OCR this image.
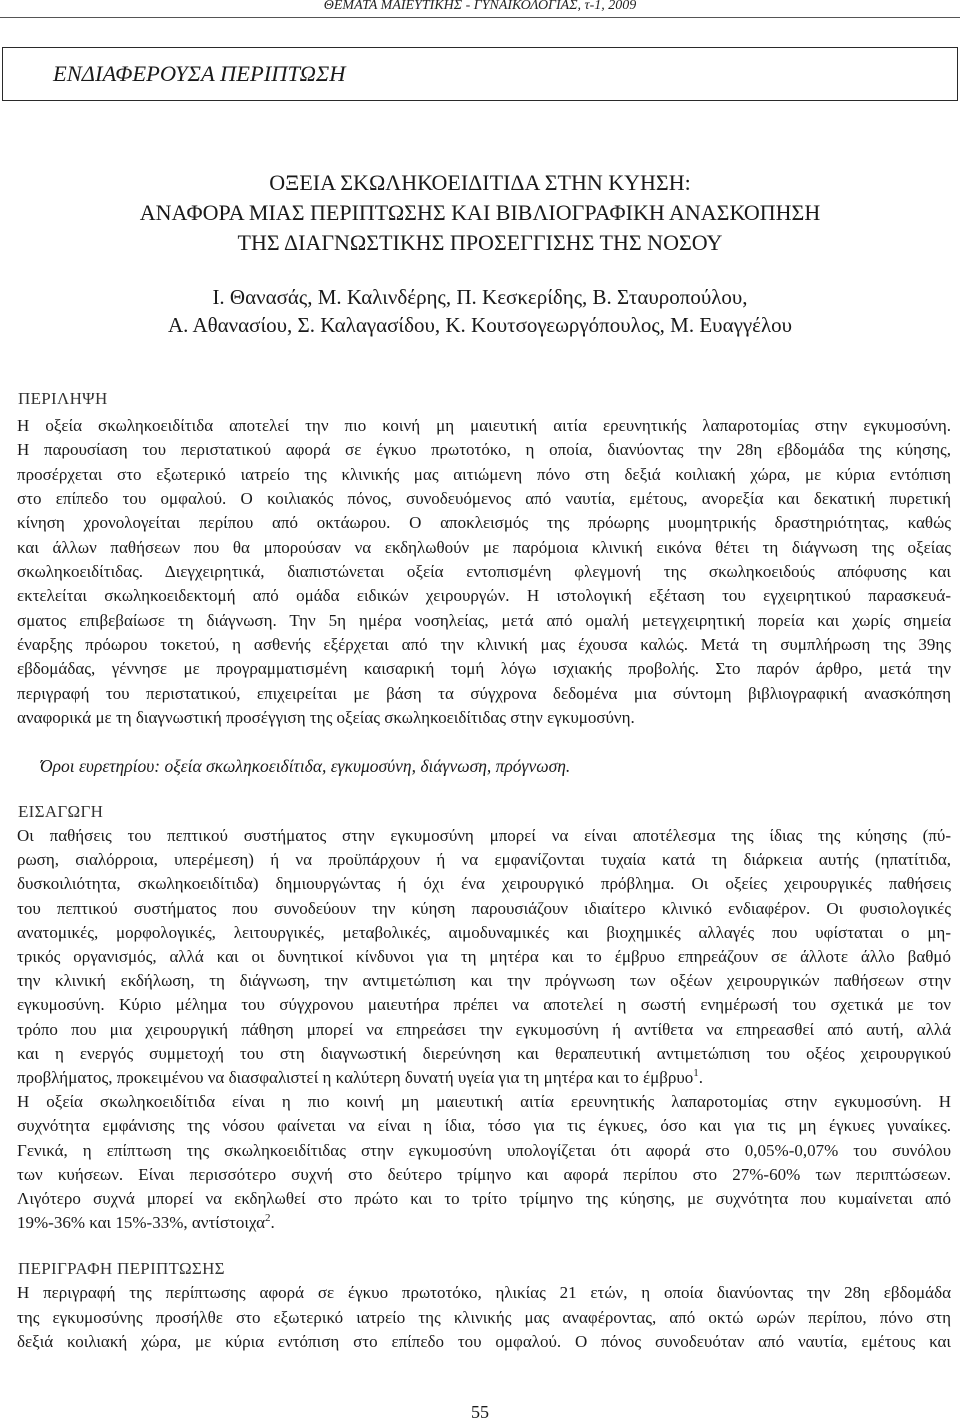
ΘΕΜΑΤΑ ΜΑΙΕΥΤΙΚΗΣ - ΓΥΝΑΙΚΟΛΟΓΙΑΣ, τ-1, 2009
ΕΝΔΙΑΦΕΡΟΥΣΑ ΠΕΡΙΠΤΩΣΗ
ΟΞΕΙΑ ΣΚΩΛΗΚΟΕΙΔΙΤΙΔΑ ΣΤΗΝ ΚΥΗΣΗ:
ΑΝΑΦΟΡΑ ΜΙΑΣ ΠΕΡΙΠΤΩΣΗΣ ΚΑΙ ΒΙΒΛΙΟΓΡΑΦΙΚΗ ΑΝΑΣΚΟΠΗΣΗ
ΤΗΣ ΔΙΑΓΝΩΣΤΙΚΗΣ ΠΡΟΣΕΓΓΙΣΗΣ ΤΗΣ ΝΟΣΟΥ
Ι. Θανασάς, Μ. Καλινδέρης, Π. Κεσκερίδης, Β. Σταυροπούλου,
Α. Αθανασίου, Σ. Καλαγασίδου, Κ. Κουτσογεωργόπουλος, Μ. Ευαγγέλου
ΠΕΡΙΛΗΨΗ
Η οξεία σκωληκοειδίτιδα αποτελεί την πιο κοινή μη μαιευτική αιτία ερευνητικής λαπαροτομίας στην εγκυμοσύνη.
Η παρουσίαση του περιστατικού αφορά σε έγκυο πρωτοτόκο, η οποία, διανύοντας την 28η εβδομάδα της κύησης,
προσέρχεται στο εξωτερικό ιατρείο της κλινικής μας αιτιώμενη πόνο στη δεξιά κοιλιακή χώρα, με κύρια εντόπιση
στο επίπεδο του ομφαλού. Ο κοιλιακός πόνος, συνοδευόμενος από ναυτία, εμέτους, ανορεξία και δεκατική πυρετική
κίνηση χρονολογείται περίπου από οκτάωρου. Ο αποκλεισμός της πρόωρης μυομητρικής δραστηριότητας, καθώς
και άλλων παθήσεων που θα μπορούσαν να εκδηλωθούν με παρόμοια κλινική εικόνα θέτει τη διάγνωση της οξείας
σκωληκοειδίτιδας. Διεγχειρητικά, διαπιστώνεται οξεία εντοπισμένη φλεγμονή της σκωληκοειδούς απόφυσης και
εκτελείται σκωληκοειδεκτομή από ομάδα ειδικών χειρουργών. Η ιστολογική εξέταση του εγχειρητικού παρασκευά-
σματος επιβεβαίωσε τη διάγνωση. Την 5η ημέρα νοσηλείας, μετά από ομαλή μετεγχειρητική πορεία και χωρίς σημεία
έναρξης πρόωρου τοκετού, η ασθενής εξέρχεται από την κλινική μας έχουσα καλώς. Μετά τη συμπλήρωση της 39ης
εβδομάδας, γέννησε με προγραμματισμένη καισαρική τομή λόγω ισχιακής προβολής. Στο παρόν άρθρο, μετά την
περιγραφή του περιστατικού, επιχειρείται με βάση τα σύγχρονα δεδομένα μια σύντομη βιβλιογραφική ανασκόπηση
αναφορικά με τη διαγνωστική προσέγγιση της οξείας σκωληκοειδίτιδας στην εγκυμοσύνη.
Όροι ευρετηρίου: οξεία σκωληκοειδίτιδα, εγκυμοσύνη, διάγνωση, πρόγνωση.
ΕΙΣΑΓΩΓΗ
Οι παθήσεις του πεπτικού συστήματος στην εγκυμοσύνη μπορεί να είναι αποτέλεσμα της ίδιας της κύησης (πύ-
ρωση, σιαλόρροια, υπερέμεση) ή να προϋπάρχουν ή να εμφανίζονται τυχαία κατά τη διάρκεια αυτής (ηπατίτιδα,
δυσκοιλιότητα, σκωληκοειδίτιδα) δημιουργώντας ή όχι ένα χειρουργικό πρόβλημα. Οι οξείες χειρουργικές παθήσεις
του πεπτικού συστήματος που συνοδεύουν την κύηση παρουσιάζουν ιδιαίτερο κλινικό ενδιαφέρον. Οι φυσιολογικές
ανατομικές, μορφολογικές, λειτουργικές, μεταβολικές, αιμοδυναμικές και βιοχημικές αλλαγές που υφίσταται ο μη-
τρικός οργανισμός, αλλά και οι δυνητικοί κίνδυνοι για τη μητέρα και το έμβρυο επηρεάζουν σε άλλοτε άλλο βαθμό
την κλινική εκδήλωση, τη διάγνωση, την αντιμετώπιση και την πρόγνωση των οξέων χειρουργικών παθήσεων στην
εγκυμοσύνη. Κύριο μέλημα του σύγχρονου μαιευτήρα πρέπει να αποτελεί η σωστή ενημέρωσή του σχετικά με τον
τρόπο που μια χειρουργική πάθηση μπορεί να επηρεάσει την εγκυμοσύνη ή αντίθετα να επηρεασθεί από αυτή, αλλά
και η ενεργός συμμετοχή του στη διαγνωστική διερεύνηση και θεραπευτική αντιμετώπιση του οξέος χειρουργικού
προβλήματος, προκειμένου να διασφαλιστεί η καλύτερη δυνατή υγεία για τη μητέρα και το έμβρυο$^1$.
Η οξεία σκωληκοειδίτιδα είναι η πιο κοινή μη μαιευτική αιτία ερευνητικής λαπαροτομίας στην εγκυμοσύνη. Η
συχνότητα εμφάνισης της νόσου φαίνεται να είναι η ίδια, τόσο για τις έγκυες, όσο και για τις μη έγκυες γυναίκες.
Γενικά, η επίπτωση της σκωληκοειδίτιδας στην εγκυμοσύνη υπολογίζεται ότι αφορά στο 0,05%-0,07% του συνόλου
των κυήσεων. Είναι περισσότερο συχνή στο δεύτερο τρίμηνο και αφορά περίπου στο 27%-60% των περιπτώσεων.
Λιγότερο συχνά μπορεί να εκδηλωθεί στο πρώτο και το τρίτο τρίμηνο της κύησης, με συχνότητα που κυμαίνεται από
19%-36% και 15%-33%, αντίστοιχα$^2$.
ΠΕΡΙΓΡΑΦΗ ΠΕΡΙΠΤΩΣΗΣ
Η περιγραφή της περίπτωσης αφορά σε έγκυο πρωτοτόκο, ηλικίας 21 ετών, η οποία διανύοντας την 28η εβδομάδα
της εγκυμοσύνης προσήλθε στο εξωτερικό ιατρείο της κλινικής μας αναφέροντας, από οκτώ ωρών περίπου, πόνο στη
δεξιά κοιλιακή χώρα, με κύρια εντόπιση στο επίπεδο του ομφαλού. Ο πόνος συνοδευόταν από ναυτία, εμέτους και
55
